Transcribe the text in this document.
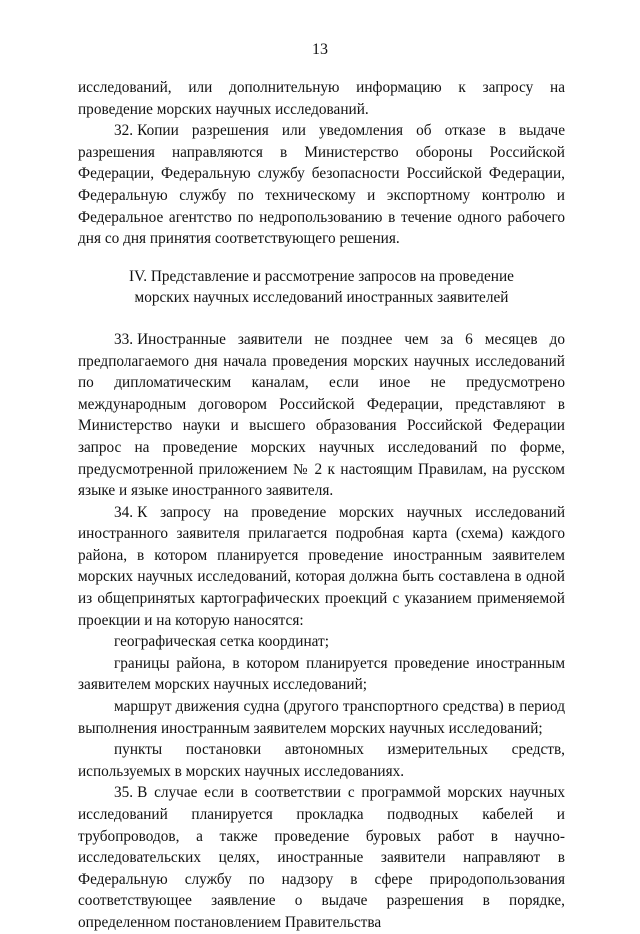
13

исследований, или дополнительную информацию к запросу на проведение морских научных исследований.

32. Копии разрешения или уведомления об отказе в выдаче разрешения направляются в Министерство обороны Российской Федерации, Федеральную службу безопасности Российской Федерации, Федеральную службу по техническому и экспортному контролю и Федеральное агентство по недропользованию в течение одного рабочего дня со дня принятия соответствующего решения.

IV. Представление и рассмотрение запросов на проведение
морских научных исследований иностранных заявителей

33. Иностранные заявители не позднее чем за 6 месяцев до предполагаемого дня начала проведения морских научных исследований по дипломатическим каналам, если иное не предусмотрено международным договором Российской Федерации, представляют в Министерство науки и высшего образования Российской Федерации запрос на проведение морских научных исследований по форме, предусмотренной приложением № 2 к настоящим Правилам, на русском языке и языке иностранного заявителя.

34. К запросу на проведение морских научных исследований иностранного заявителя прилагается подробная карта (схема) каждого района, в котором планируется проведение иностранным заявителем морских научных исследований, которая должна быть составлена в одной из общепринятых картографических проекций с указанием применяемой проекции и на которую наносятся:

географическая сетка координат;

границы района, в котором планируется проведение иностранным заявителем морских научных исследований;

маршрут движения судна (другого транспортного средства) в период выполнения иностранным заявителем морских научных исследований;

пункты постановки автономных измерительных средств, используемых в морских научных исследованиях.

35. В случае если в соответствии с программой морских научных исследований планируется прокладка подводных кабелей и трубопроводов, а также проведение буровых работ в научно-исследовательских целях, иностранные заявители направляют в Федеральную службу по надзору в сфере природопользования соответствующее заявление о выдаче разрешения в порядке, определенном постановлением Правительства
